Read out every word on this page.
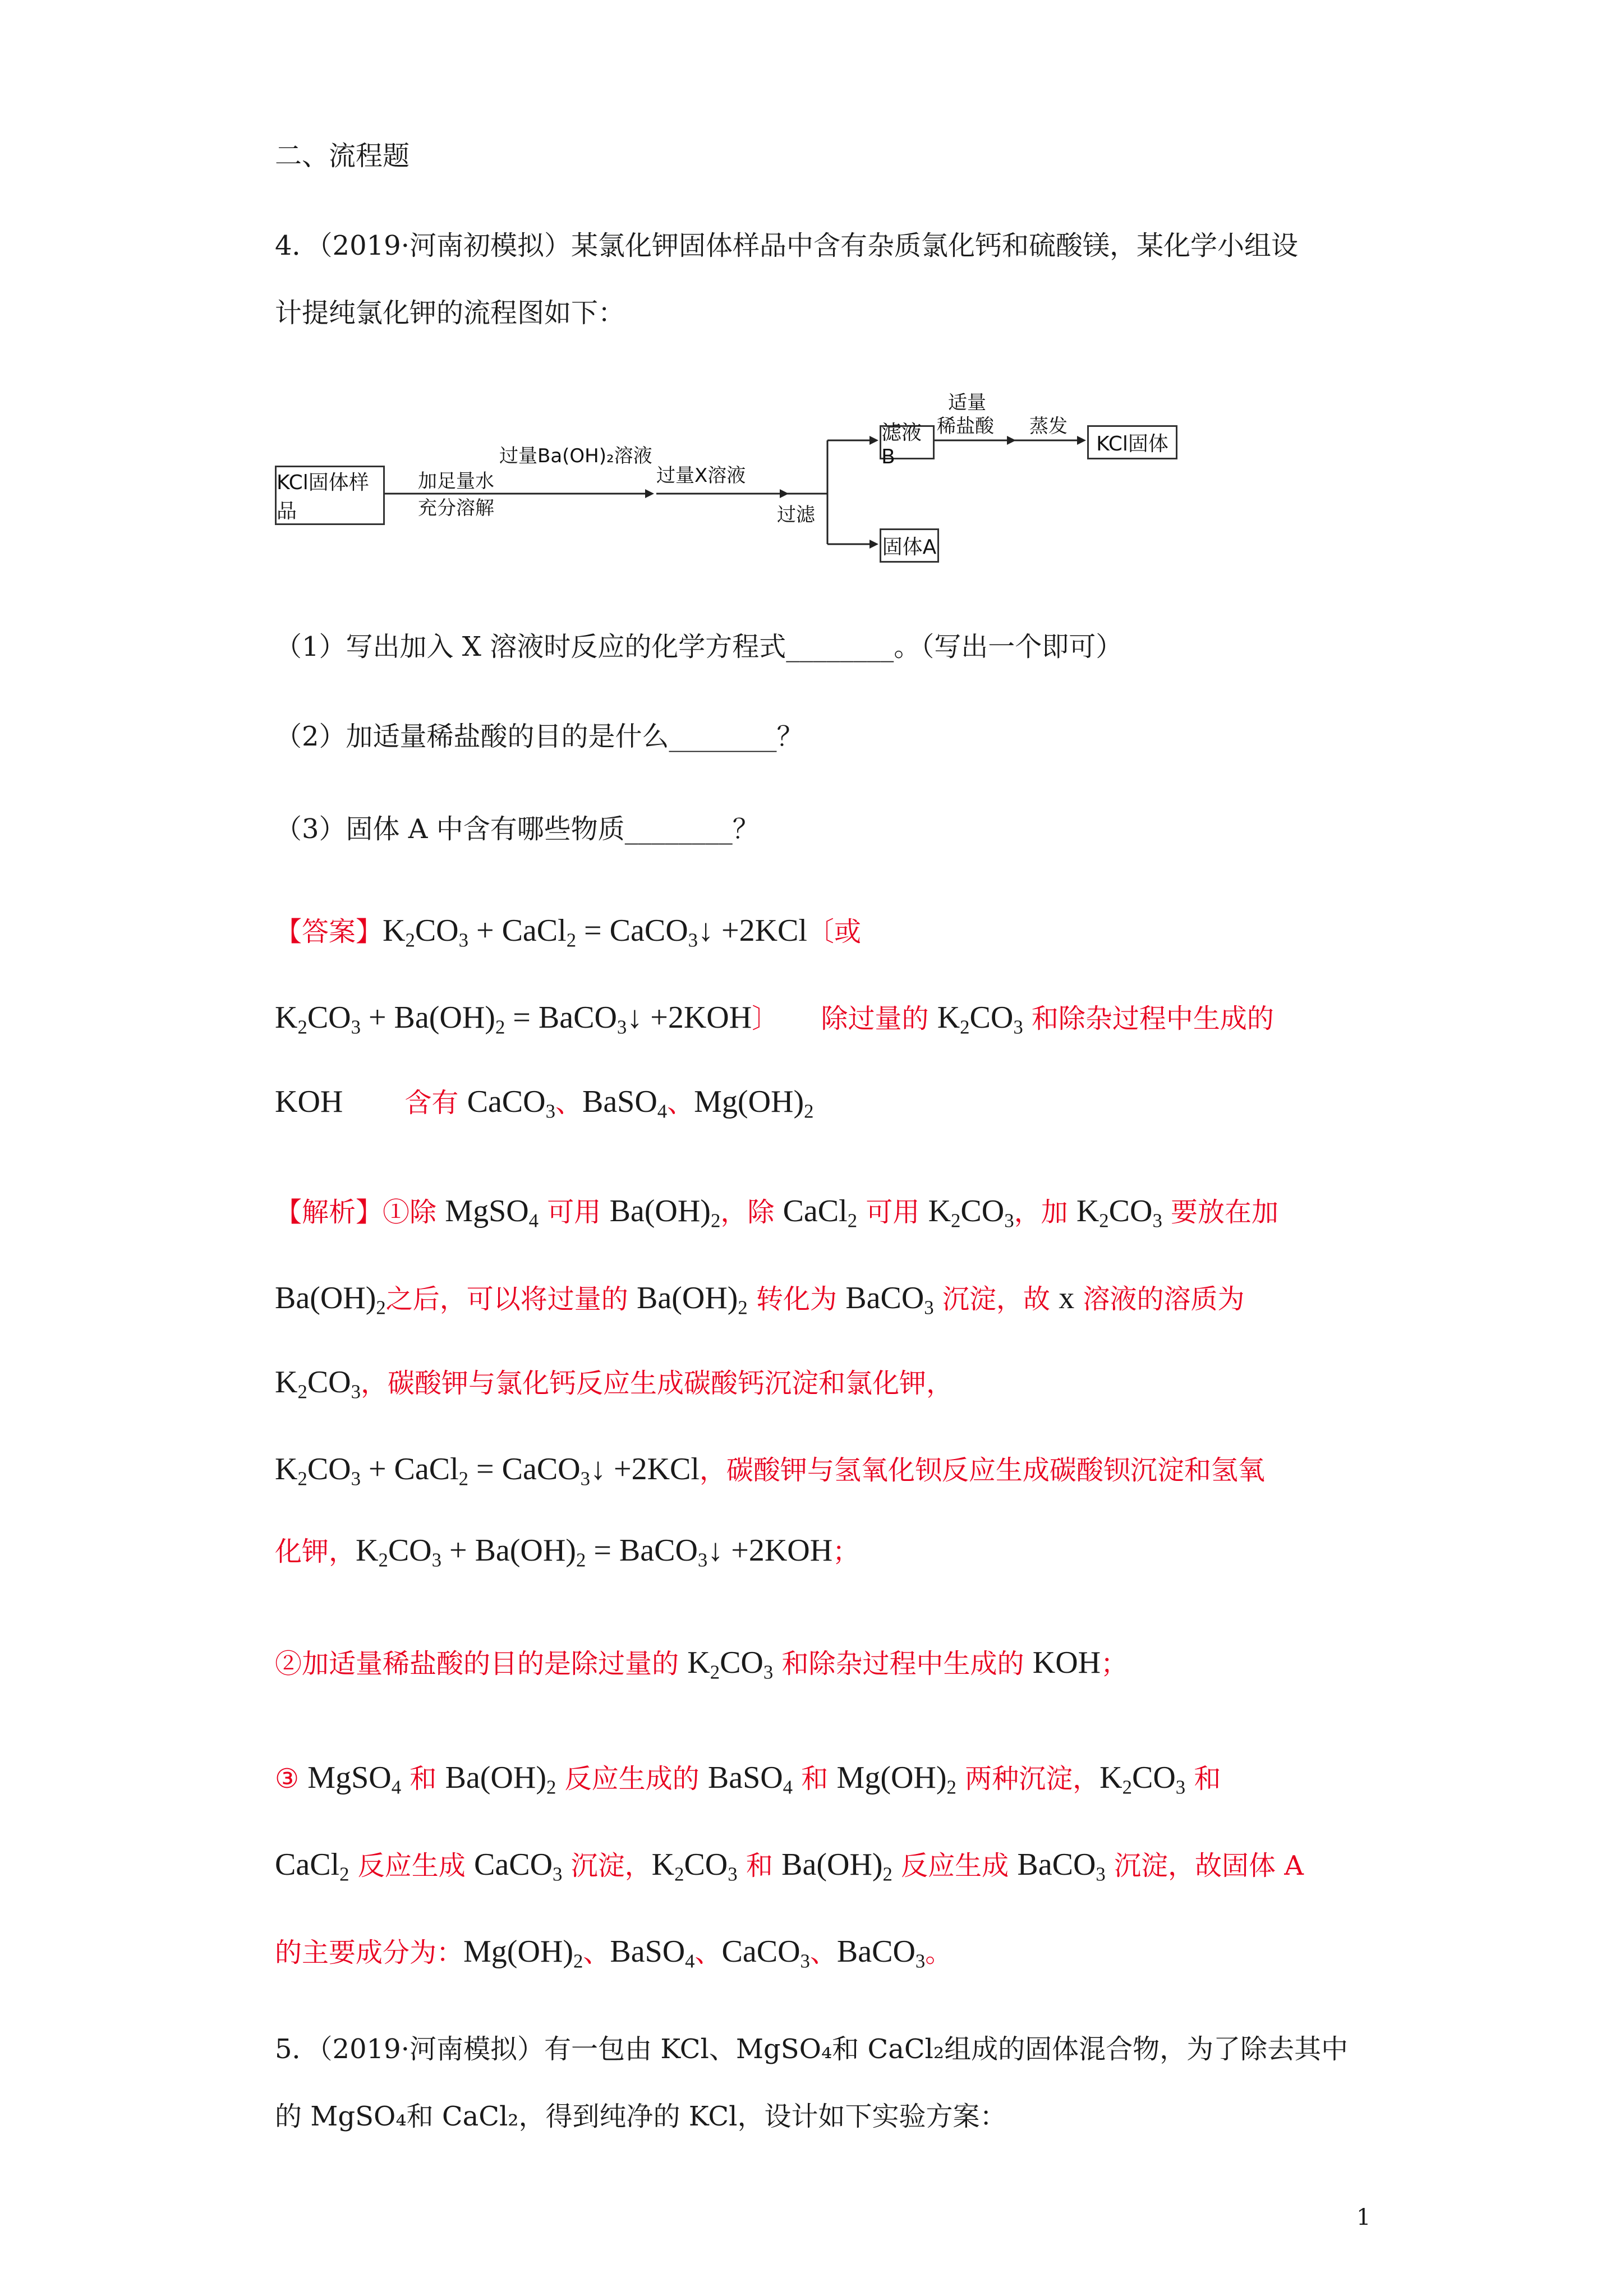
二、流程题
4．（2019·河南初模拟）某氯化钾固体样品中含有杂质氯化钙和硫酸镁，某化学小组设
计提纯氯化钾的流程图如下：
KCl固体样品
加足量水
充分溶解
过量Ba(OH)₂溶液
过量X溶液
过滤
滤液B
适量
稀盐酸 蒸发
KCl固体
固体A
（1）写出加入 X 溶液时反应的化学方程式________。（写出一个即可）
（2）加适量稀盐酸的目的是什么________？
（3）固体 A 中含有哪些物质________？
【答案】$K_2CO_3$ + CaCl$_2$ = CaCO$_3$↓ +2KCl〔或
$K_2CO_3 + Ba(OH)_2$ = BaCO$_3$↓ +2KOH〕 除过量的 $K_2CO_3$ 和除杂过程中生成的
KOH 含有 CaCO$_3$、BaSO$_4$、$Mg(OH)_2$
【解析】①除 MgSO$_4$ 可用 $Ba(OH)_2$，除 CaCl$_2$ 可用 $K_2CO_3$，加 $K_2CO_3$ 要放在加
$Ba(OH)_2$之后，可以将过量的 $Ba(OH)_2$ 转化为 BaCO$_3$ 沉淀，故 x 溶液的溶质为
$K_2CO_3$，碳酸钾与氯化钙反应生成碳酸钙沉淀和氯化钾，
$K_2CO_3$ + CaCl$_2$ = CaCO$_3$↓ +2KCl，碳酸钾与氢氧化钡反应生成碳酸钡沉淀和氢氧
化钾，$K_2CO_3 + Ba(OH)_2$ = BaCO$_3$↓ +2KOH；
②加适量稀盐酸的目的是除过量的 $K_2CO_3$ 和除杂过程中生成的 KOH；
③ MgSO$_4$ 和 $Ba(OH)_2$ 反应生成的 BaSO$_4$ 和 $Mg(OH)_2$ 两种沉淀，$K_2CO_3$ 和
CaCl$_2$ 反应生成 CaCO$_3$ 沉淀，$K_2CO_3$ 和 $Ba(OH)_2$ 反应生成 BaCO$_3$ 沉淀，故固体 A
的主要成分为：$Mg(OH)_2$、BaSO$_4$、CaCO$_3$、BaCO$_3$。
5．（2019·河南模拟）有一包由 KCl、MgSO₄和 CaCl₂组成的固体混合物，为了除去其中
的 MgSO₄和 CaCl₂，得到纯净的 KCl，设计如下实验方案：
1
